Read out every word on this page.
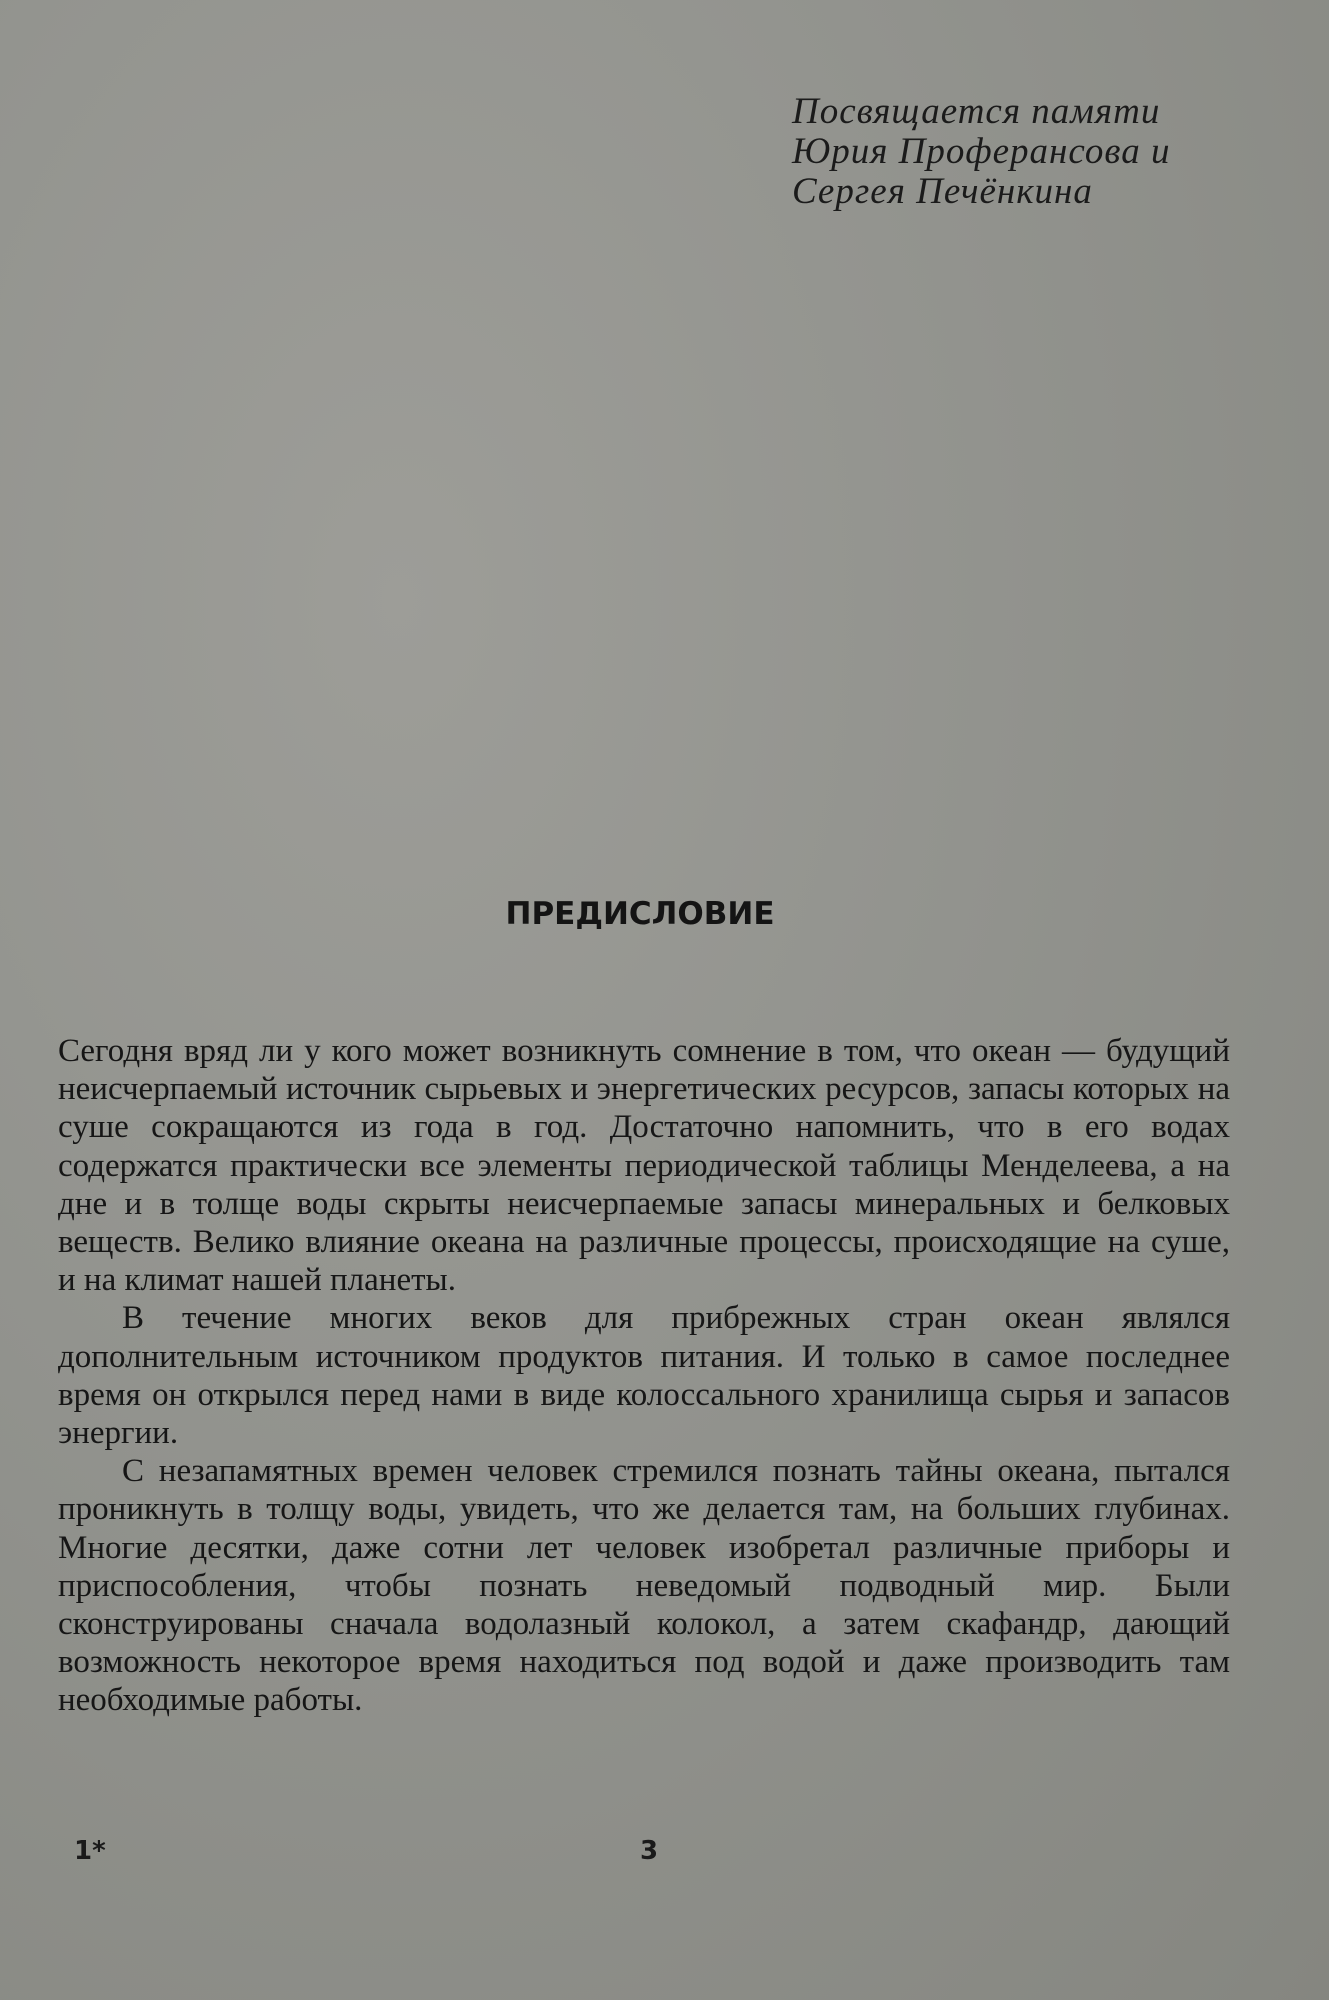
Посвящается памяти
Юрия Проферансова и
Сергея Печёнкина
ПРЕДИСЛОВИЕ

Сегодня вряд ли у кого может возникнуть сомнение в том, что океан — будущий неисчерпаемый источник сырьевых и энергетических ресурсов, запасы которых на суше сокращаются из года в год. Достаточно напомнить, что в его водах содержатся практически все элементы периодической таблицы Менделеева, а на дне и в толще воды скрыты неисчерпаемые запасы минеральных и белковых веществ. Велико влияние океана на различные процессы, происходящие на суше, и на климат нашей планеты.

В течение многих веков для прибрежных стран океан являлся дополнительным источником продуктов питания. И только в самое последнее время он открылся перед нами в виде колоссального хранилища сырья и запасов энергии.

С незапамятных времен человек стремился познать тайны океана, пытался проникнуть в толщу воды, увидеть, что же делается там, на больших глубинах. Многие десятки, даже сотни лет человек изобретал различные приборы и приспособления, чтобы познать неведомый подводный мир. Были сконструированы сначала водолазный колокол, а затем скафандр, дающий возможность некоторое время находиться под водой и даже производить там необходимые работы.

1*	3
